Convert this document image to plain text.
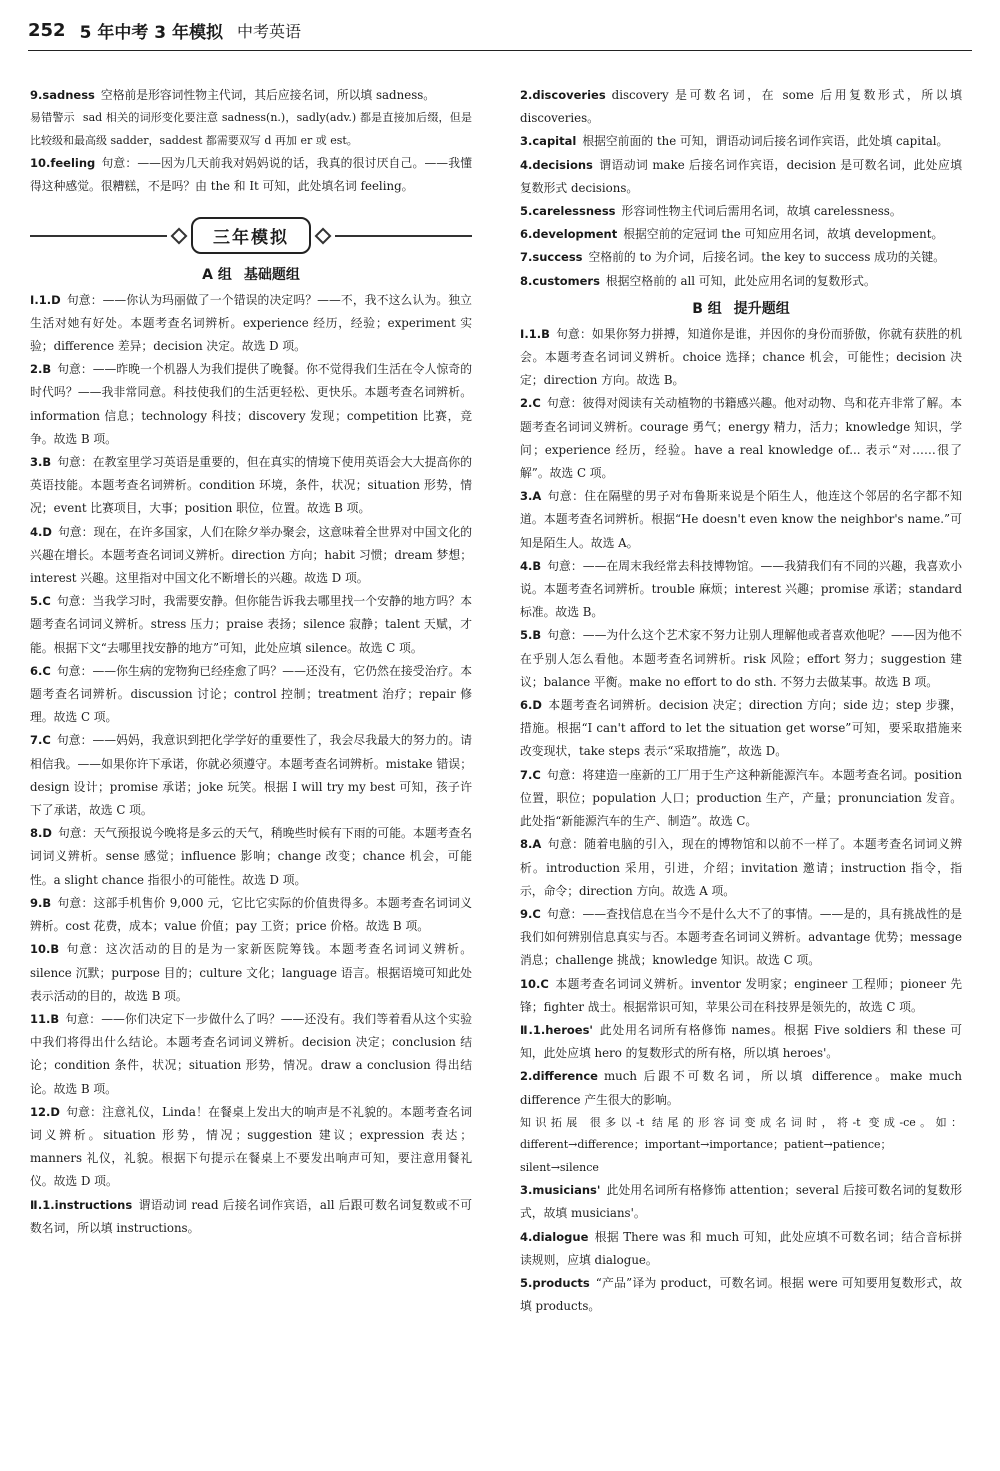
252 5 年中考 3 年模拟 中考英语

9.sadness 空格前是形容词性物主代词，其后应接名词，所以填 sadness。

易错警示 sad 相关的词形变化要注意 sadness(n.)，sadly(adv.) 都是直接加后缀，但是比较级和最高级 sadder，saddest 都需要双写 d 再加 er 或 est。

10.feeling 句意：——因为几天前我对妈妈说的话，我真的很讨厌自己。——我懂得这种感觉。很糟糕，不是吗？由 the 和 It 可知，此处填名词 feeling。

三年模拟
A 组 基础题组

Ⅰ.1.D 句意：——你认为玛丽做了一个错误的决定吗？——不，我不这么认为。独立生活对她有好处。本题考查名词辨析。experience 经历，经验；experiment 实验；difference 差异；decision 决定。故选 D 项。

2.B 句意：——昨晚一个机器人为我们提供了晚餐。你不觉得我们生活在令人惊奇的时代吗？——我非常同意。科技使我们的生活更轻松、更快乐。本题考查名词辨析。information 信息；technology 科技；discovery 发现；competition 比赛，竞争。故选 B 项。

3.B 句意：在教室里学习英语是重要的，但在真实的情境下使用英语会大大提高你的英语技能。本题考查名词辨析。condition 环境，条件，状况；situation 形势，情况；event 比赛项目，大事；position 职位，位置。故选 B 项。

4.D 句意：现在，在许多国家，人们在除夕举办聚会，这意味着全世界对中国文化的兴趣在增长。本题考查名词词义辨析。direction 方向；habit 习惯；dream 梦想；interest 兴趣。这里指对中国文化不断增长的兴趣。故选 D 项。

5.C 句意：当我学习时，我需要安静。但你能告诉我去哪里找一个安静的地方吗？本题考查名词词义辨析。stress 压力；praise 表扬；silence 寂静；talent 天赋，才能。根据下文“去哪里找安静的地方”可知，此处应填 silence。故选 C 项。

6.C 句意：——你生病的宠物狗已经痊愈了吗？——还没有，它仍然在接受治疗。本题考查名词辨析。discussion 讨论；control 控制；treatment 治疗；repair 修理。故选 C 项。

7.C 句意：——妈妈，我意识到把化学学好的重要性了，我会尽我最大的努力的。请相信我。——如果你许下承诺，你就必须遵守。本题考查名词辨析。mistake 错误；design 设计；promise 承诺；joke 玩笑。根据 I will try my best 可知，孩子许下了承诺，故选 C 项。

8.D 句意：天气预报说今晚将是多云的天气，稍晚些时候有下雨的可能。本题考查名词词义辨析。sense 感觉；influence 影响；change 改变；chance 机会，可能性。a slight chance 指很小的可能性。故选 D 项。

9.B 句意：这部手机售价 9,000 元，它比它实际的价值贵得多。本题考查名词词义辨析。cost 花费，成本；value 价值；pay 工资；price 价格。故选 B 项。

10.B 句意：这次活动的目的是为一家新医院筹钱。本题考查名词词义辨析。silence 沉默；purpose 目的；culture 文化；language 语言。根据语境可知此处表示活动的目的，故选 B 项。

11.B 句意：——你们决定下一步做什么了吗？——还没有。我们等着看从这个实验中我们将得出什么结论。本题考查名词词义辨析。decision 决定；conclusion 结论；condition 条件，状况；situation 形势，情况。draw a conclusion 得出结论。故选 B 项。

12.D 句意：注意礼仪，Linda！在餐桌上发出大的响声是不礼貌的。本题考查名词词义辨析。situation 形势，情况；suggestion 建议；expression 表达；manners 礼仪，礼貌。根据下句提示在餐桌上不要发出响声可知，要注意用餐礼仪。故选 D 项。

Ⅱ.1.instructions 谓语动词 read 后接名词作宾语，all 后跟可数名词复数或不可数名词，所以填 instructions。

2.discoveries discovery 是可数名词，在 some 后用复数形式，所以填 discoveries。

3.capital 根据空前面的 the 可知，谓语动词后接名词作宾语，此处填 capital。

4.decisions 谓语动词 make 后接名词作宾语，decision 是可数名词，此处应填复数形式 decisions。

5.carelessness 形容词性物主代词后需用名词，故填 carelessness。

6.development 根据空前的定冠词 the 可知应用名词，故填 development。

7.success 空格前的 to 为介词，后接名词。the key to success 成功的关键。

8.customers 根据空格前的 all 可知，此处应用名词的复数形式。

B 组 提升题组

Ⅰ.1.B 句意：如果你努力拼搏，知道你是谁，并因你的身份而骄傲，你就有获胜的机会。本题考查名词词义辨析。choice 选择；chance 机会，可能性；decision 决定；direction 方向。故选 B。

2.C 句意：彼得对阅读有关动植物的书籍感兴趣。他对动物、鸟和花卉非常了解。本题考查名词词义辨析。courage 勇气；energy 精力，活力；knowledge 知识，学问；experience 经历，经验。have a real knowledge of... 表示“对……很了解”。故选 C 项。

3.A 句意：住在隔壁的男子对布鲁斯来说是个陌生人，他连这个邻居的名字都不知道。本题考查名词辨析。根据“He doesn't even know the neighbor's name.”可知是陌生人。故选 A。

4.B 句意：——在周末我经常去科技博物馆。——我猜我们有不同的兴趣，我喜欢小说。本题考查名词辨析。trouble 麻烦；interest 兴趣；promise 承诺；standard 标准。故选 B。

5.B 句意：——为什么这个艺术家不努力让别人理解他或者喜欢他呢？——因为他不在乎别人怎么看他。本题考查名词辨析。risk 风险；effort 努力；suggestion 建议；balance 平衡。make no effort to do sth. 不努力去做某事。故选 B 项。

6.D 本题考查名词辨析。decision 决定；direction 方向；side 边；step 步骤，措施。根据“I can't afford to let the situation get worse”可知，要采取措施来改变现状，take steps 表示“采取措施”，故选 D。

7.C 句意：将建造一座新的工厂用于生产这种新能源汽车。本题考查名词。position 位置，职位；population 人口；production 生产，产量；pronunciation 发音。此处指“新能源汽车的生产、制造”。故选 C。

8.A 句意：随着电脑的引入，现在的博物馆和以前不一样了。本题考查名词词义辨析。introduction 采用，引进，介绍；invitation 邀请；instruction 指令，指示，命令；direction 方向。故选 A 项。

9.C 句意：——查找信息在当今不是什么大不了的事情。——是的，具有挑战性的是我们如何辨别信息真实与否。本题考查名词词义辨析。advantage 优势；message 消息；challenge 挑战；knowledge 知识。故选 C 项。

10.C 本题考查名词词义辨析。inventor 发明家；engineer 工程师；pioneer 先锋；fighter 战士。根据常识可知，苹果公司在科技界是领先的，故选 C 项。

Ⅱ.1.heroes' 此处用名词所有格修饰 names。根据 Five soldiers 和 these 可知，此处应填 hero 的复数形式的所有格，所以填 heroes'。

2.difference much 后跟不可数名词，所以填 difference。make much difference 产生很大的影响。

知识拓展 很多以-t 结尾的形容词变成名词时，将-t 变成-ce。如：different→difference；important→importance；patient→patience；silent→silence

3.musicians' 此处用名词所有格修饰 attention；several 后接可数名词的复数形式，故填 musicians'。

4.dialogue 根据 There was 和 much 可知，此处应填不可数名词；结合音标拼读规则，应填 dialogue。

5.products “产品”译为 product，可数名词。根据 were 可知要用复数形式，故填 products。
